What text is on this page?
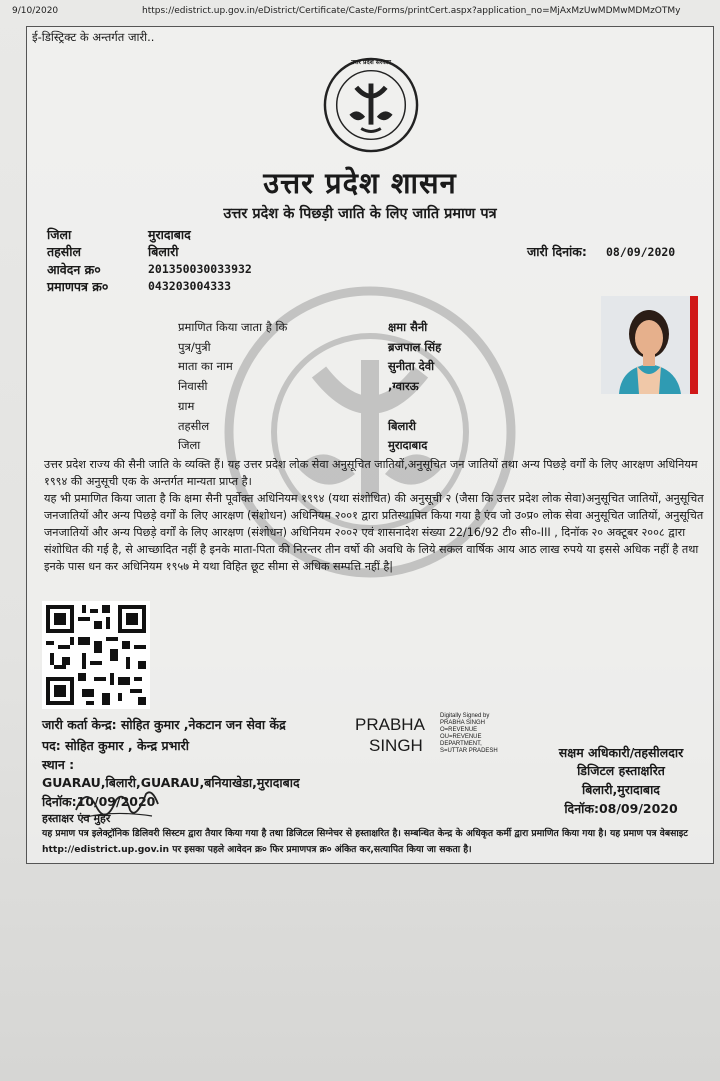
9/10/2020	https://edistrict.up.gov.in/eDistrict/Certificate/Caste/Forms/printCert.aspx?application_no=MjAxMzUwMDMwMDMzOTMy
ई-डिस्ट्रिक्ट के अन्तर्गत जारी..
उत्तर प्रदेश सरकार
उत्तर प्रदेश शासन
उत्तर प्रदेश के पिछड़ी जाति के लिए जाति प्रमाण पत्र
जिला	मुरादाबाद
तहसील	बिलारी
आवेदन क्र०	201350030033932
प्रमाणपत्र क्र०	043203004333
जारी दिनांक: 08/09/2020
प्रमाणित किया जाता है कि	क्षमा सैनी
पुत्र/पुत्री	ब्रजपाल सिंह
माता का नाम	सुनीता देवी
निवासी	,ग्वारऊ
ग्राम
तहसील	बिलारी
जिला	मुरादाबाद
उत्तर प्रदेश राज्य की सैनी जाति के व्यक्ति हैं। यह उत्तर प्रदेश लोक सेवा अनुसूचित जातियों,अनुसूचित जन जातियों तथा अन्य पिछड़े वर्गों के लिए आरक्षण अधिनियम १९९४ की अनुसूची एक के अन्तर्गत मान्यता प्राप्त है।
यह भी प्रमाणित किया जाता है कि क्षमा सैनी पूर्वोक्त अधिनियम १९९४ (यथा संशोधित) की अनुसूची २ (जैसा कि उत्तर प्रदेश लोक सेवा)अनुसूचित जातियों, अनुसूचित जनजातियों और अन्य पिछड़े वर्गों के लिए आरक्षण (संशोधन) अधिनियम २००१ द्वारा प्रतिस्थापित किया गया है एंव जो उ०प्र० लोक सेवा अनुसूचित जातियों, अनुसूचित जनजातियों और अन्य पिछड़े वर्गों के लिए आरक्षण (संशोधन) अधिनियम २००२ एवं शासनादेश संख्या 22/16/92 टी० सी०-III , दिनॉक २० अक्टूबर २००८ द्वारा संशोधित की गई है, से आच्छादित नहीं है इनके माता-पिता की निरन्तर तीन वर्षो की अवधि के लिये सकल वार्षिक आय आठ लाख रुपये या इससे अधिक नहीं है तथा इनके पास धन कर अधिनियम १९५७ मे यथा विहित छूट सीमा से अधिक सम्पत्ति नहीं है|
जारी कर्ता केन्द्र: सोहित कुमार ,नेकटान जन सेवा केंद्र
पद: सोहित कुमार , केन्द्र प्रभारी
स्थान :
GUARAU,बिलारी,GUARAU,बनियाखेडा,मुरादाबाद
दिनॉक:10/09/2020
हस्ताक्षर एंव मुहर
PRABHA
SINGH
Digitally Signed by
PRABHA SINGH
O=REVENUE
OU=REVENUE
DEPARTMENT,
S=UTTAR PRADESH	सक्षम अधिकारी/तहसीलदार
डिजिटल हस्ताक्षरित
बिलारी,मुरादाबाद
दिनॉक:08/09/2020
यह प्रमाण पत्र इलेक्ट्रॉनिक डिलिवरी सिस्टम द्वारा तैयार किया गया है तथा डिजिटल सिग्नेचर से हस्ताक्षरित है। सम्बन्धित केन्द्र के अधिकृत कर्मी द्वारा प्रमाणित किया गया है। यह प्रमाण पत्र वेबसाइट http://edistrict.up.gov.in पर इसका पहले आवेदन क्र० फिर प्रमाणपत्र क्र० अंकित कर,सत्यापित किया जा सकता है।
